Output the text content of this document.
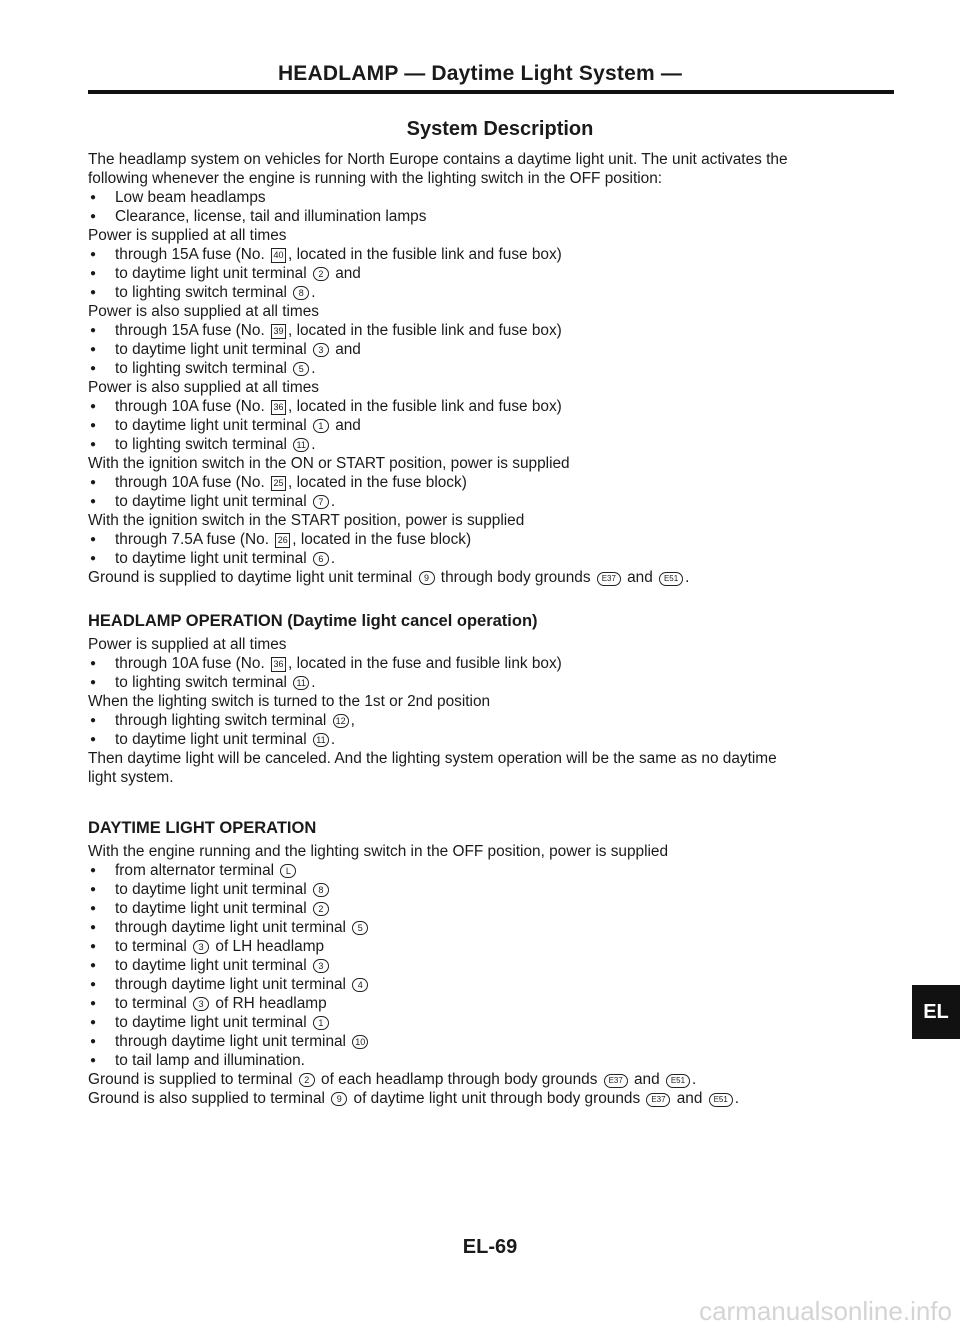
HEADLAMP — Daytime Light System —
System Description
The headlamp system on vehicles for North Europe contains a daytime light unit. The unit activates the
following whenever the engine is running with the lighting switch in the OFF position:
● Low beam headlamps
● Clearance, license, tail and illumination lamps
Power is supplied at all times
● through 15A fuse (No. 40 , located in the fusible link and fuse box)
● to daytime light unit terminal 2 and
● to lighting switch terminal 8 .
Power is also supplied at all times
● through 15A fuse (No. 39 , located in the fusible link and fuse box)
● to daytime light unit terminal 3 and
● to lighting switch terminal 5 .
Power is also supplied at all times
● through 10A fuse (No. 36 , located in the fusible link and fuse box)
● to daytime light unit terminal 1 and
● to lighting switch terminal 11 .
With the ignition switch in the ON or START position, power is supplied
● through 10A fuse (No. 25 , located in the fuse block)
● to daytime light unit terminal 7 .
With the ignition switch in the START position, power is supplied
● through 7.5A fuse (No. 26 , located in the fuse block)
● to daytime light unit terminal 6 .
Ground is supplied to daytime light unit terminal 9 through body grounds E37 and E51 .
HEADLAMP OPERATION (Daytime light cancel operation)
Power is supplied at all times
● through 10A fuse (No. 36 , located in the fuse and fusible link box)
● to lighting switch terminal 11 .
When the lighting switch is turned to the 1st or 2nd position
● through lighting switch terminal 12 ,
● to daytime light unit terminal 11 .
Then daytime light will be canceled. And the lighting system operation will be the same as no daytime
light system.
DAYTIME LIGHT OPERATION
With the engine running and the lighting switch in the OFF position, power is supplied
● from alternator terminal L
● to daytime light unit terminal 8
● to daytime light unit terminal 2
● through daytime light unit terminal 5
● to terminal 3 of LH headlamp
● to daytime light unit terminal 3
● through daytime light unit terminal 4
● to terminal 3 of RH headlamp
● to daytime light unit terminal 1
● through daytime light unit terminal 10
● to tail lamp and illumination.
Ground is supplied to terminal 2 of each headlamp through body grounds E37 and E51 .
Ground is also supplied to terminal 9 of daytime light unit through body grounds E37 and E51 .
EL
EL-69
carmanualsonline.info
